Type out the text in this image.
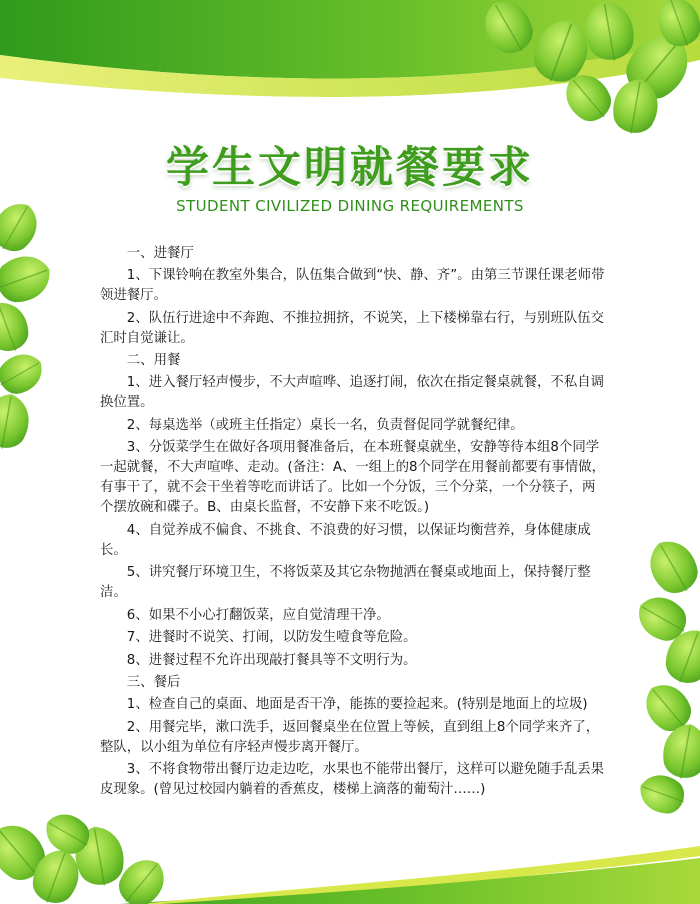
学生文明就餐要求
STUDENT CIVILIZED DINING REQUIREMENTS
一、进餐厅

1、下课铃响在教室外集合，队伍集合做到“快、静、齐”。由第三节课任课老师带领进餐厅。

2、队伍行进途中不奔跑、不推拉拥挤，不说笑，上下楼梯靠右行，与别班队伍交汇时自觉谦让。

二、用餐

1、进入餐厅轻声慢步，不大声喧哗、追逐打闹，依次在指定餐桌就餐，不私自调换位置。

2、每桌选举（或班主任指定）桌长一名，负责督促同学就餐纪律。

3、分饭菜学生在做好各项用餐准备后，在本班餐桌就坐，安静等待本组8个同学一起就餐，不大声喧哗、走动。(备注：A、一组上的8个同学在用餐前都要有事情做，有事干了，就不会干坐着等吃而讲话了。比如一个分饭，三个分菜，一个分筷子，两个摆放碗和碟子。B、由桌长监督，不安静下来不吃饭。)

4、自觉养成不偏食、不挑食、不浪费的好习惯，以保证均衡营养，身体健康成长。

5、讲究餐厅环境卫生，不将饭菜及其它杂物抛洒在餐桌或地面上，保持餐厅整洁。

6、如果不小心打翻饭菜，应自觉清理干净。

7、进餐时不说笑、打闹，以防发生噎食等危险。

8、进餐过程不允许出现敲打餐具等不文明行为。

三、餐后

1、检查自己的桌面、地面是否干净，能拣的要捡起来。(特别是地面上的垃圾)

2、用餐完毕，漱口洗手，返回餐桌坐在位置上等候，直到组上8个同学来齐了，整队，以小组为单位有序轻声慢步离开餐厅。

3、不将食物带出餐厅边走边吃，水果也不能带出餐厅，这样可以避免随手乱丢果皮现象。(曾见过校园内躺着的香蕉皮，楼梯上滴落的葡萄汁……)
